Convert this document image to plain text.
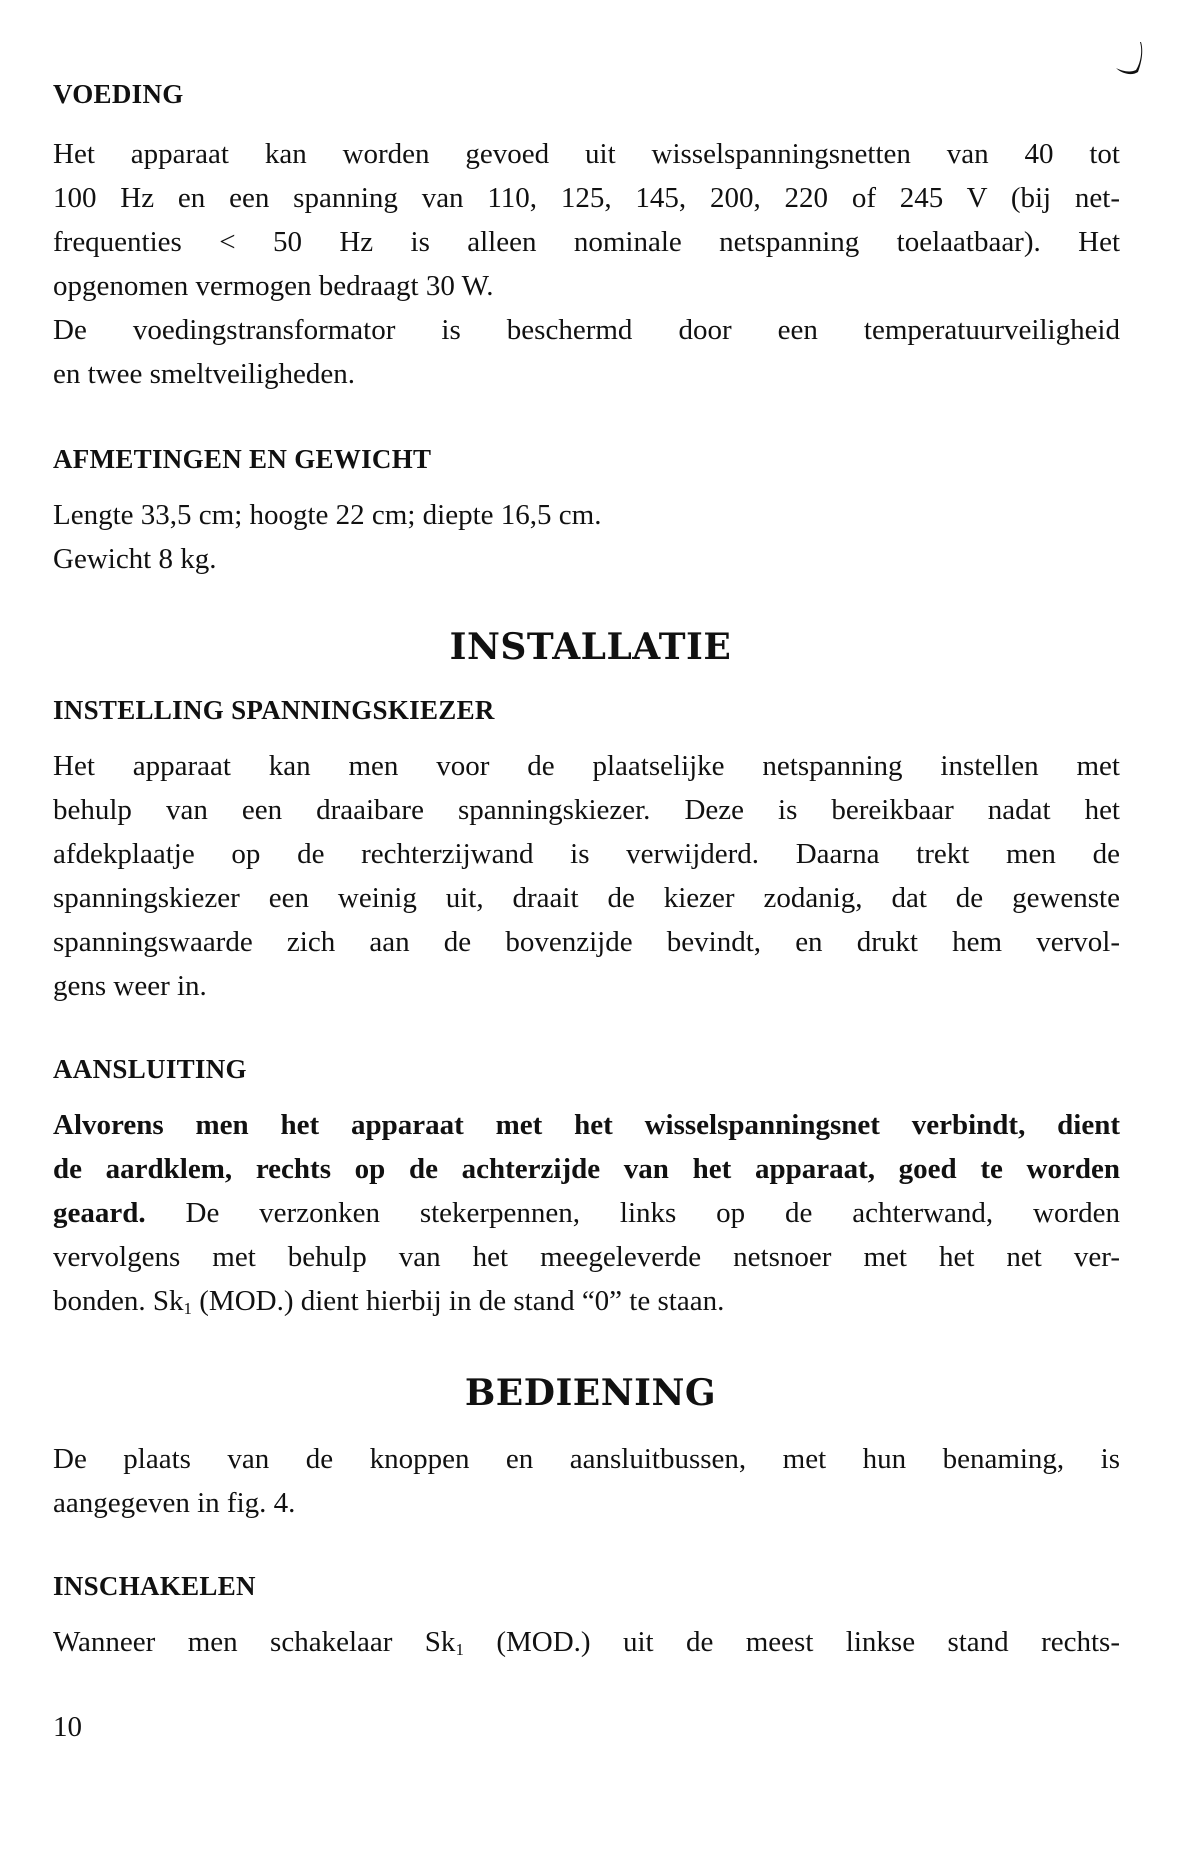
VOEDING
Het apparaat kan worden gevoed uit wisselspanningsnetten van 40 tot
100 Hz en een spanning van 110, 125, 145, 200, 220 of 245 V (bij net-
frequenties < 50 Hz is alleen nominale netspanning toelaatbaar). Het
opgenomen vermogen bedraagt 30 W.
De voedingstransformator is beschermd door een temperatuurveiligheid
en twee smeltveiligheden.
AFMETINGEN EN GEWICHT
Lengte 33,5 cm; hoogte 22 cm; diepte 16,5 cm.
Gewicht 8 kg.
INSTALLATIE
INSTELLING SPANNINGSKIEZER
Het apparaat kan men voor de plaatselijke netspanning instellen met
behulp van een draaibare spanningskiezer. Deze is bereikbaar nadat het
afdekplaatje op de rechterzijwand is verwijderd. Daarna trekt men de
spanningskiezer een weinig uit, draait de kiezer zodanig, dat de gewenste
spanningswaarde zich aan de bovenzijde bevindt, en drukt hem vervol-
gens weer in.
AANSLUITING
Alvorens men het apparaat met het wisselspanningsnet verbindt, dient
de aardklem, rechts op de achterzijde van het apparaat, goed te worden
geaard. De verzonken stekerpennen, links op de achterwand, worden
vervolgens met behulp van het meegeleverde netsnoer met het net ver-
bonden. $Sk_1$ (MOD.) dient hierbij in de stand “0” te staan.
BEDIENING
De plaats van de knoppen en aansluitbussen, met hun benaming, is
aangegeven in fig. 4.
INSCHAKELEN
Wanneer men schakelaar $Sk_1$ (MOD.) uit de meest linkse stand rechts-
10
